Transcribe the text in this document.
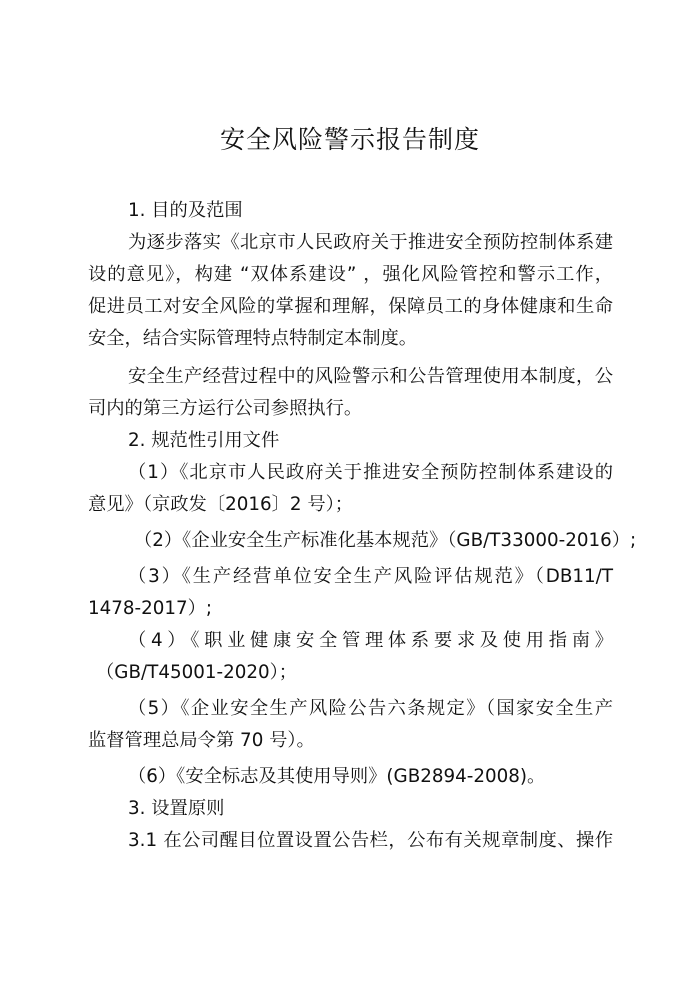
安全风险警示报告制度
1. 目的及范围
为逐步落实《北京市人民政府关于推进安全预防控制体系建
设的意见》，构建 “双体系建设” ，强化风险管控和警示工作，
促进员工对安全风险的掌握和理解，保障员工的身体健康和生命
安全，结合实际管理特点特制定本制度。
安全生产经营过程中的风险警示和公告管理使用本制度，公
司内的第三方运行公司参照执行。
2. 规范性引用文件
（1）《北京市人民政府关于推进安全预防控制体系建设的
意见》（京政发〔2016〕2 号）；
（2）《企业安全生产标准化基本规范》（GB/T33000-2016）;
（3）《生产经营单位安全生产风险评估规范》（DB11/T
1478-2017）;
（4）《职业健康安全管理体系要求及使用指南》
（GB/T45001-2020）；
（5）《企业安全生产风险公告六条规定》（国家安全生产
监督管理总局令第 70 号）。
（6）《安全标志及其使用导则》(GB2894-2008)。
3. 设置原则
3.1 在公司醒目位置设置公告栏，公布有关规章制度、操作
